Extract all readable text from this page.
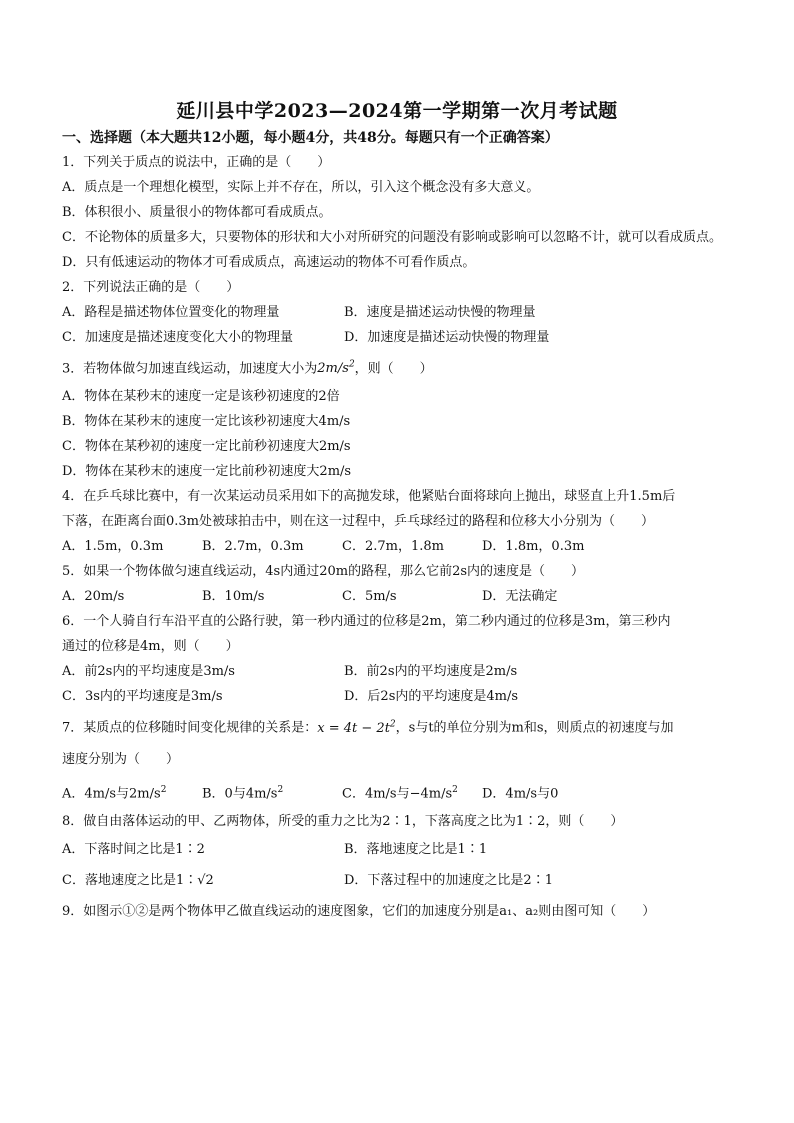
延川县中学2023—2024第一学期第一次月考试题
一、选择题（本大题共12小题，每小题4分，共48分。每题只有一个正确答案）
1．下列关于质点的说法中，正确的是（　　）
A．质点是一个理想化模型，实际上并不存在，所以，引入这个概念没有多大意义。
B．体积很小、质量很小的物体都可看成质点。
C．不论物体的质量多大，只要物体的形状和大小对所研究的问题没有影响或影响可以忽略不计，就可以看成质点。
D．只有低速运动的物体才可看成质点，高速运动的物体不可看作质点。
2．下列说法正确的是（　　）
A．路程是描述物体位置变化的物理量	B．速度是描述运动快慢的物理量
C．加速度是描述速度变化大小的物理量	D．加速度是描述运动快慢的物理量
3．若物体做匀加速直线运动，加速度大小为$2m/s^2$，则（　　）
A．物体在某秒末的速度一定是该秒初速度的2倍
B．物体在某秒末的速度一定比该秒初速度大4m/s
C．物体在某秒初的速度一定比前秒初速度大2m/s
D．物体在某秒末的速度一定比前秒初速度大2m/s
4．在乒乓球比赛中，有一次某运动员采用如下的高抛发球，他紧贴台面将球向上抛出，球竖直上升1.5m后
下落，在距离台面0.3m处被球拍击中，则在这一过程中，乒乓球经过的路程和位移大小分别为（　　）
A．1.5m，0.3m	B．2.7m，0.3m	C．2.7m，1.8m	D．1.8m，0.3m
5．如果一个物体做匀速直线运动，4s内通过20m的路程，那么它前2s内的速度是（　　）
A．20m/s	B．10m/s	C．5m/s	D．无法确定
6．一个人骑自行车沿平直的公路行驶，第一秒内通过的位移是2m，第二秒内通过的位移是3m，第三秒内
通过的位移是4m，则（　　）
A．前2s内的平均速度是3m/s	B．前2s内的平均速度是2m/s
C．3s内的平均速度是3m/s	D．后2s内的平均速度是4m/s
7．某质点的位移随时间变化规律的关系是：$x = 4t - 2t^2$，s与t的单位分别为m和s，则质点的初速度与加
速度分别为（　　）
A．4m/s与$2m/s^2$	B．0与$4m/s^2$	C．4m/s与$-4m/s^2$	D．4m/s与0
8．做自由落体运动的甲、乙两物体，所受的重力之比为2∶1，下落高度之比为1∶2，则（　　）
A．下落时间之比是1∶2	B．落地速度之比是1∶1
C．落地速度之比是1∶√2	D．下落过程中的加速度之比是2∶1
9．如图示①②是两个物体甲乙做直线运动的速度图象，它们的加速度分别是a₁、a₂则由图可知（　　）
